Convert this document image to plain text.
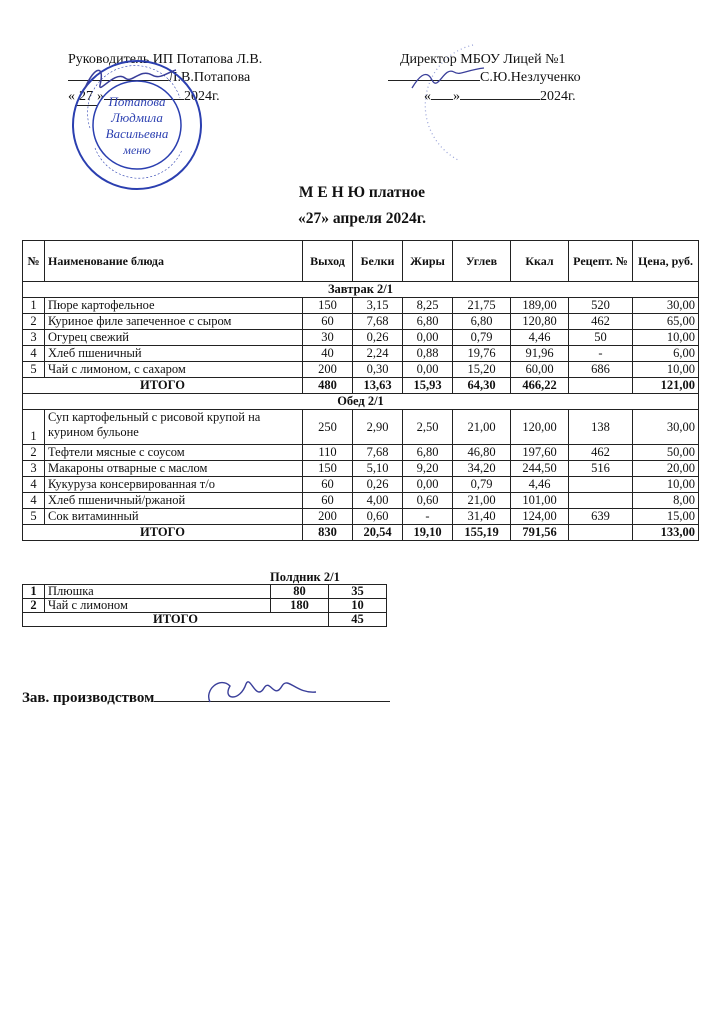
Руководитель ИП Потапова Л.В.
Л.В.Потапова
« 27 »	2024г.
Потапова
Людмила
Васильевна
меню
Директор МБОУ Лицей №1
С.Ю.Незлученко
« »	2024г.
М Е Н Ю платное
«27» апреля 2024г.
№	Наименование блюда	Выход	Белки	Жиры	Углев	Ккал	Рецепт. №	Цена, руб.
Завтрак 2/1								
1	Пюре картофельное	150	3,15	8,25	21,75	189,00	520	30,00
2	Куриное филе запеченное с сыром	60	7,68	6,80	6,80	120,80	462	65,00
3	Огурец свежий	30	0,26	0,00	0,79	4,46	50	10,00
4	Хлеб пшеничный	40	2,24	0,88	19,76	91,96	-	6,00
5	Чай с лимоном, с сахаром	200	0,30	0,00	15,20	60,00	686	10,00
ИТОГО		480	13,63	15,93	64,30	466,22		121,00
Обед 2/1								
1	Суп картофельный с рисовой крупой на курином бульоне	250	2,90	2,50	21,00	120,00	138	30,00
2	Тефтели мясные с соусом	110	7,68	6,80	46,80	197,60	462	50,00
3	Макароны отварные с маслом	150	5,10	9,20	34,20	244,50	516	20,00
4	Кукуруза консервированная т/о	60	0,26	0,00	0,79	4,46		10,00
4	Хлеб пшеничный/ржаной	60	4,00	0,60	21,00	101,00		8,00
5	Сок витаминный	200	0,60	-	31,40	124,00	639	15,00
ИТОГО		830	20,54	19,10	155,19	791,56		133,00
Полдник 2/1
1	Плюшка	80	35
2	Чай с лимоном	180	10
ИТОГО			45
Зав. производством
